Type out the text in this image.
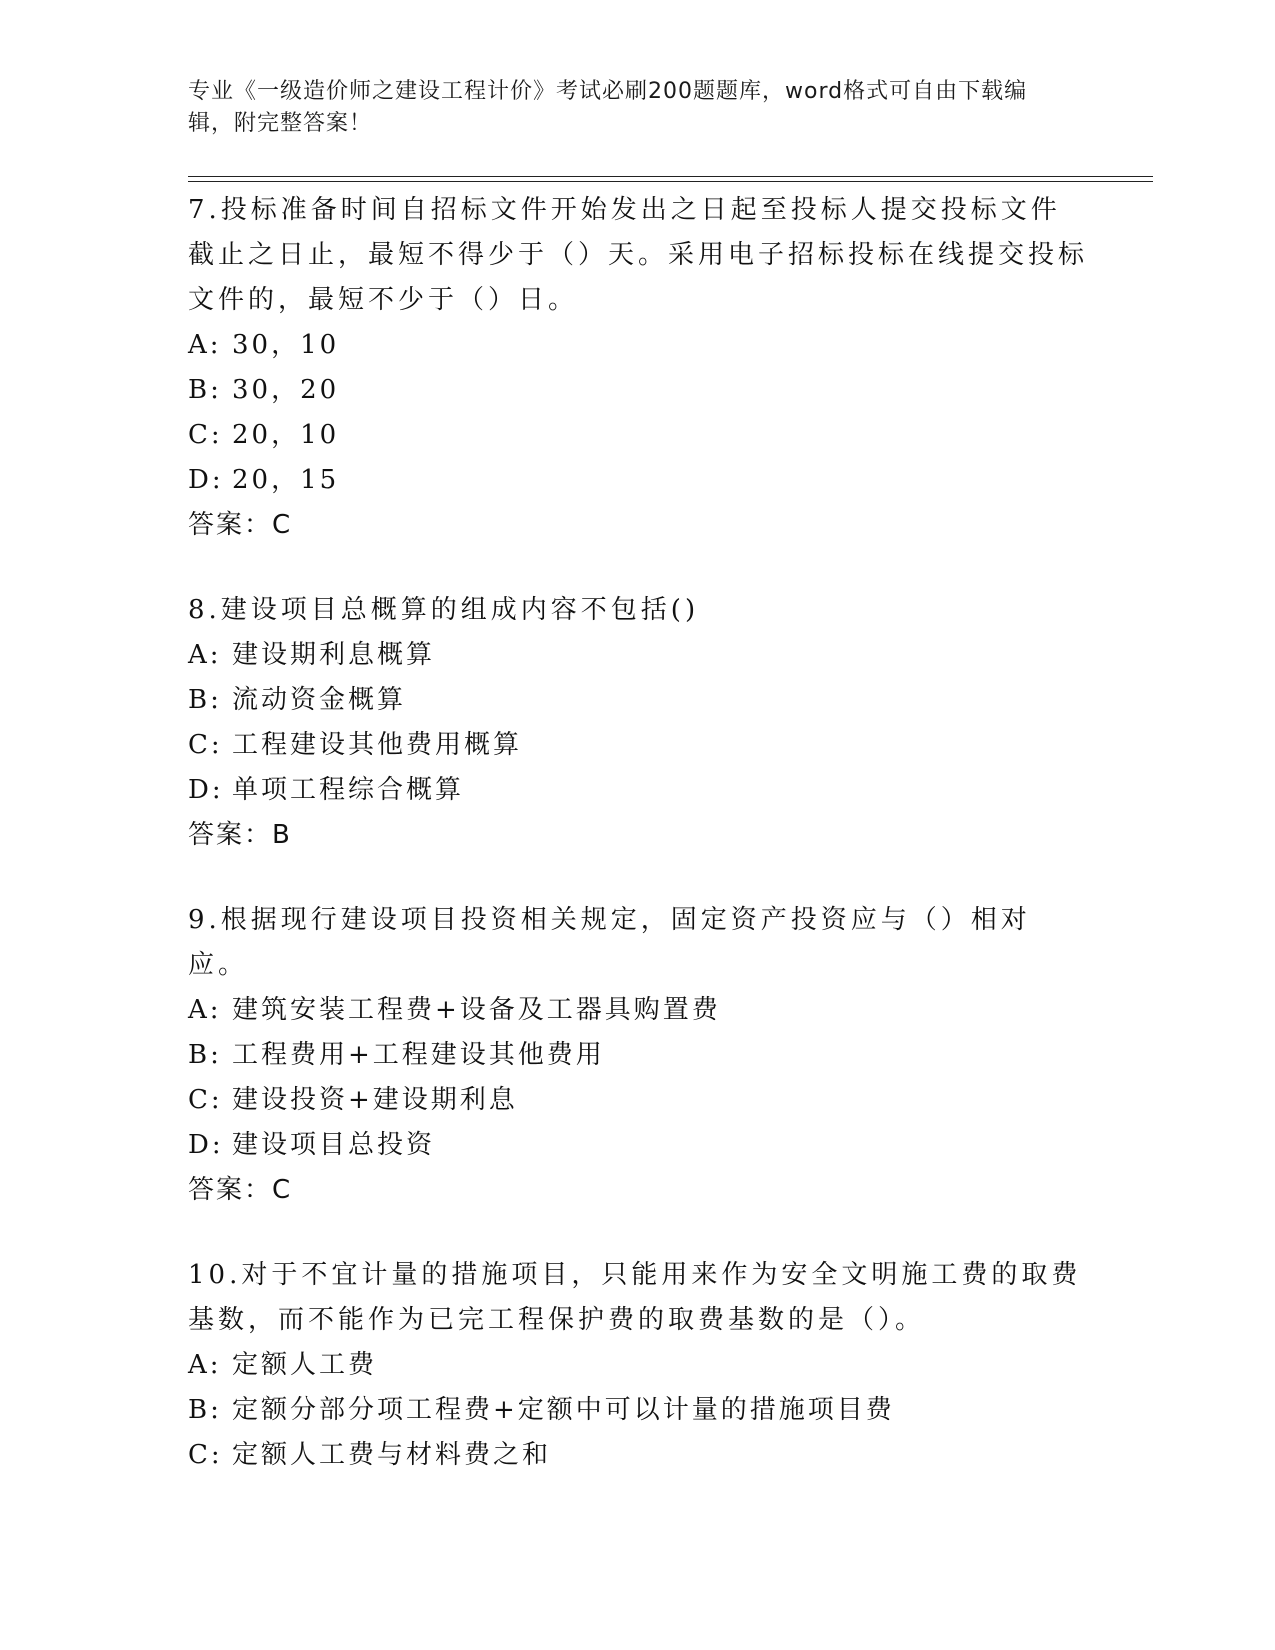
专业《一级造价师之建设工程计价》考试必刷200题题库，word格式可自由下载编辑，附完整答案！

7.投标准备时间自招标文件开始发出之日起至投标人提交投标文件截止之日止，最短不得少于（）天。采用电子招标投标在线提交投标文件的，最短不少于（）日。

A: 30，10

B: 30，20

C: 20，10

D: 20，15

答案：C

8.建设项目总概算的组成内容不包括()

A: 建设期利息概算

B: 流动资金概算

C: 工程建设其他费用概算

D: 单项工程综合概算

答案：B

9.根据现行建设项目投资相关规定，固定资产投资应与（）相对应。

A: 建筑安装工程费+设备及工器具购置费

B: 工程费用+工程建设其他费用

C: 建设投资+建设期利息

D: 建设项目总投资

答案：C

10.对于不宜计量的措施项目，只能用来作为安全文明施工费的取费基数，而不能作为已完工程保护费的取费基数的是（）。

A: 定额人工费

B: 定额分部分项工程费+定额中可以计量的措施项目费

C: 定额人工费与材料费之和
